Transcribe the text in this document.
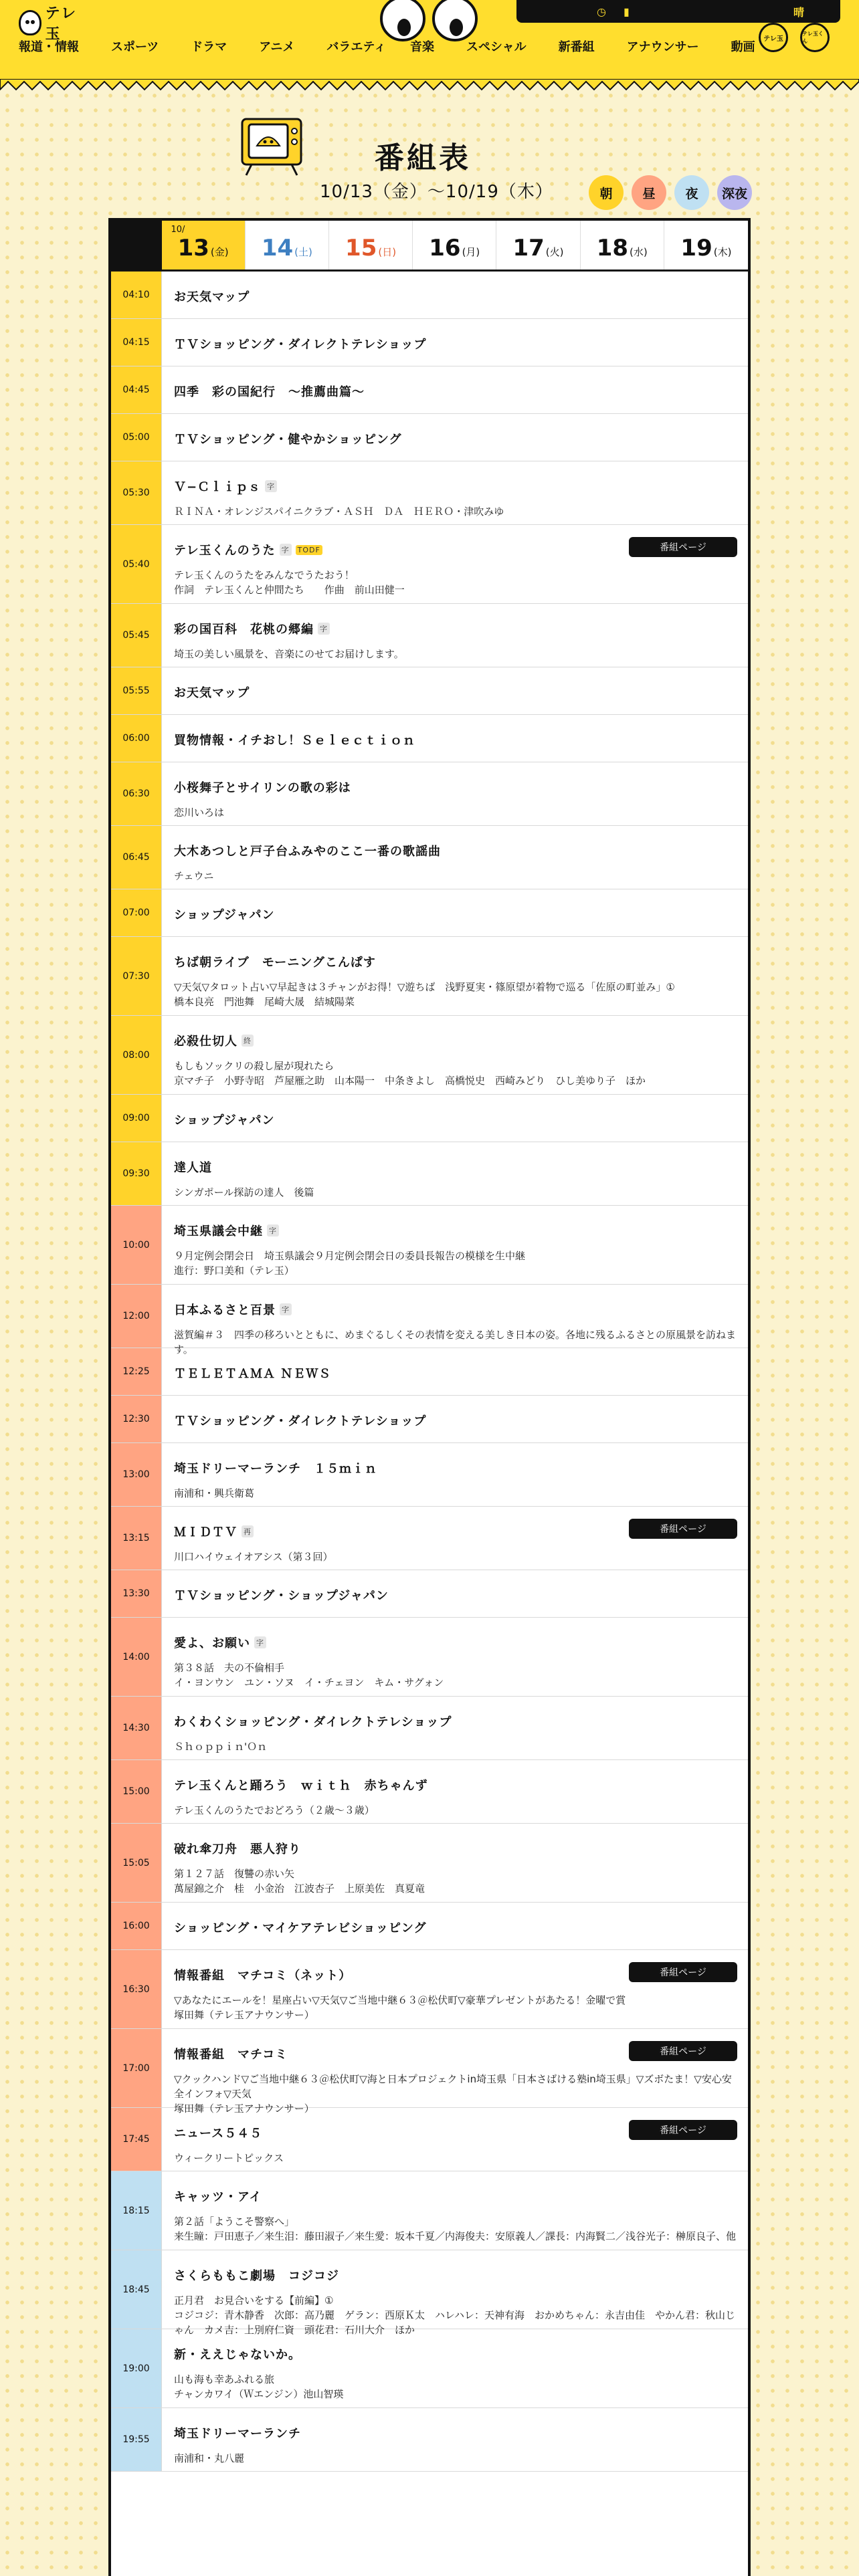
テレ玉
◷ ▮	晴
報道・情報	スポーツ	ドラマ	アニメ	バラエティ 音楽	スペシャル	新番組	アナウンサー	動画
テレ玉
テレ玉くん
番組表
10/13（金）〜10/19（木）	朝 昼 夜 深夜
10/
13 (金) 14 (土) 15 (日) 16 (月) 17 (火) 18 (水) 19 (木)
04:10	お天気マップ
04:15	ＴＶショッピング・ダイレクトテレショップ
04:45	四季　彩の国紀行　〜推薦曲篇〜
05:00	ＴＶショッピング・健やかショッピング
05:30	Ｖ−Ｃｌｉｐｓ 字
ＲＩＮＡ・オレンジスパイニクラブ・ＡＳＨ　ＤＡ　ＨＥＲＯ・津吹みゆ
05:40
テレ玉くんのうた 字 TODF
テレ玉くんのうたをみんなでうたおう！
作詞　テレ玉くんと仲間たち　　作曲　前山田健一
番組ページ
05:45	彩の国百科　花桃の郷編 字
埼玉の美しい風景を、音楽にのせてお届けします。
05:55	お天気マップ
06:00	買物情報・イチおし！Ｓｅｌｅｃｔｉｏｎ
06:30	小桜舞子とサイリンの歌の彩は
恋川いろは
06:45	大木あつしと戸子台ふみやのここ一番の歌謡曲
チェウニ
07:00	ショップジャパン
07:30
ちば朝ライブ　モーニングこんぱす
▽天気▽タロット占い▽早起きは３チャンがお得！▽遊ちば　浅野夏実・篠原望が着物で巡る「佐原の町並み」①
橋本良亮　門池舞　尾崎大晟　結城陽菜
08:00
必殺仕切人 終
もしもソックリの殺し屋が現れたら
京マチ子　小野寺昭　芦屋雁之助　山本陽一　中条きよし　高橋悦史　西崎みどり　ひし美ゆり子　ほか
09:00	ショップジャパン
09:30	達人道
シンガポール探訪の達人　後篇
10:00
埼玉県議会中継 字
９月定例会閉会日　埼玉県議会９月定例会閉会日の委員長報告の模様を生中継
進行：野口美和（テレ玉）
12:00	日本ふるさと百景 字
滋賀編＃３　四季の移ろいとともに、めまぐるしくその表情を変える美しき日本の姿。各地に残るふるさとの原風景を訪ねます。
12:25	ＴＥＬＥＴＡＭＡ ＮＥＷＳ
12:30	ＴＶショッピング・ダイレクトテレショップ
13:00	埼玉ドリーマーランチ　１５ｍｉｎ
南浦和・興兵衛葛
13:15	ＭＩＤＴＶ 再
川口ハイウェイオアシス（第３回）
番組ページ
13:30	ＴＶショッピング・ショップジャパン
14:00
愛よ、お願い 字
第３８話　夫の不倫相手
イ・ヨンウン　ユン・ソヌ　イ・チェヨン　キム・サグォン
14:30	わくわくショッピング・ダイレクトテレショップ
Ｓｈｏｐｐｉｎ'Ｏｎ
15:00	テレ玉くんと踊ろう　ｗｉｔｈ　赤ちゃんず
テレ玉くんのうたでおどろう（２歳〜３歳）
15:05
破れ傘刀舟　悪人狩り
第１２７話　復讐の赤い矢
萬屋錦之介　桂　小金治　江波杏子　上原美佐　真夏竜
16:00	ショッピング・マイケアテレビショッピング
16:30
情報番組　マチコミ（ネット）
▽あなたにエールを！星座占い▽天気▽ご当地中継６３＠松伏町▽豪華プレゼントがあたる！金曜で賞
塚田舞（テレ玉アナウンサー）
番組ページ
17:00
情報番組　マチコミ
▽クックハンド▽ご当地中継６３＠松伏町▽海と日本プロジェクトin埼玉県「日本さばける塾in埼玉県」▽ズボたま！▽安心安全インフォ▽天気
塚田舞（テレ玉アナウンサー）
番組ページ
17:45	ニュース５４５
ウィークリートピックス
番組ページ
18:15
キャッツ・アイ
第２話「ようこそ警察へ」
来生瞳：戸田恵子／来生泪：藤田淑子／来生愛：坂本千夏／内海俊夫：安原義人／課長：内海賢二／浅谷光子：榊原良子、他
18:45
さくらももこ劇場　コジコジ
正月君　お見合いをする【前編】①
コジコジ：青木静香　次郎：高乃麗　ゲラン：西原Ｋ太　ハレハレ：天神有海　おかめちゃん：永吉由佳　やかん君：秋山じゃん　カメ吉：上別府仁資　頭花君：石川大介　ほか
19:00
新・ええじゃないか。
山も海も幸あふれる旅
チャンカワイ（Ｗエンジン）池山智瑛
19:55	埼玉ドリーマーランチ
南浦和・丸八麗
